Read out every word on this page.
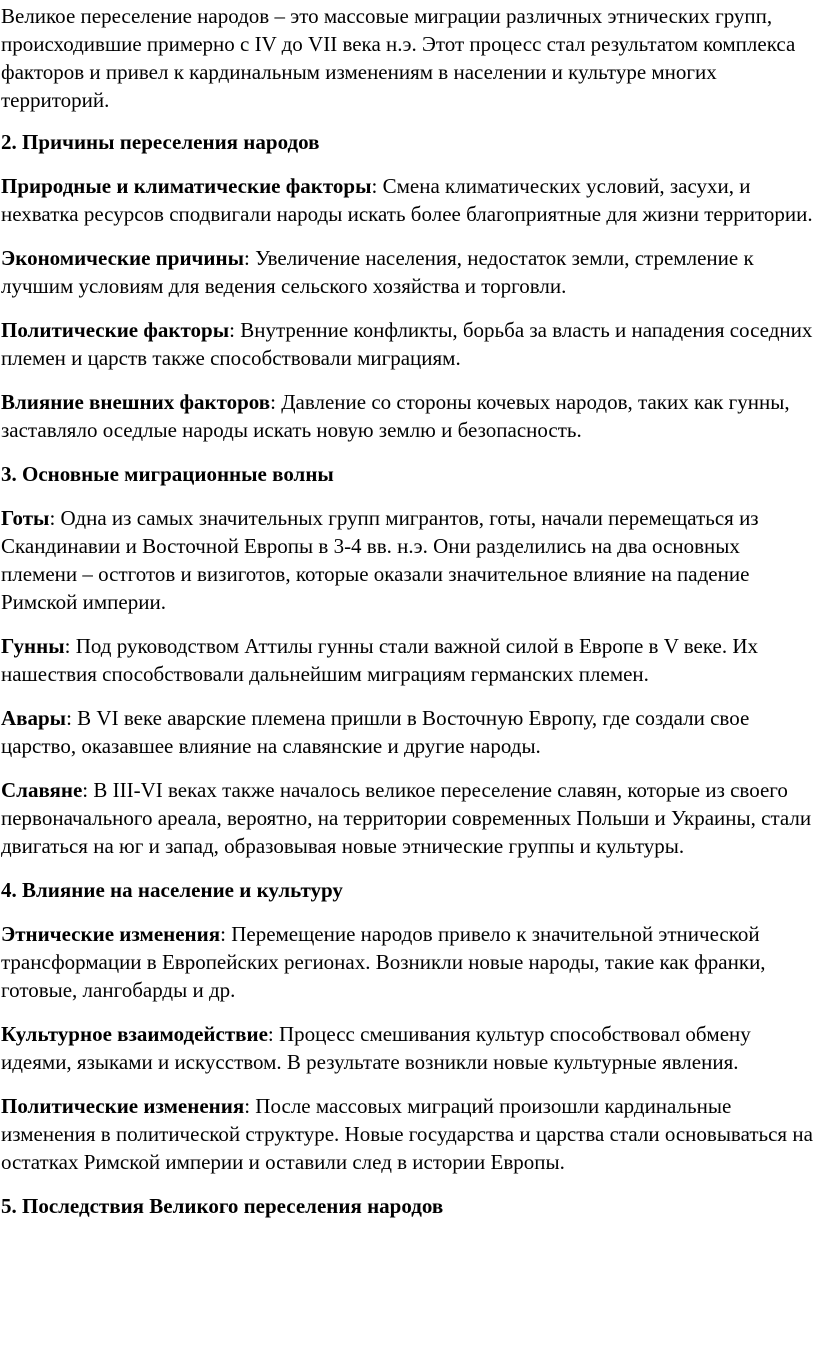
Великое переселение народов – это массовые миграции различных этнических групп, происходившие примерно с IV до VII века н.э. Этот процесс стал результатом комплекса факторов и привел к кардинальным изменениям в населении и культуре многих территорий.

2. Причины переселения народов

Природные и климатические факторы: Смена климатических условий, засухи, и нехватка ресурсов сподвигали народы искать более благоприятные для жизни территории.

Экономические причины: Увеличение населения, недостаток земли, стремление к лучшим условиям для ведения сельского хозяйства и торговли.

Политические факторы: Внутренние конфликты, борьба за власть и нападения соседних племен и царств также способствовали миграциям.

Влияние внешних факторов: Давление со стороны кочевых народов, таких как гунны, заставляло оседлые народы искать новую землю и безопасность.

3. Основные миграционные волны

Готы: Одна из самых значительных групп мигрантов, готы, начали перемещаться из Скандинавии и Восточной Европы в 3-4 вв. н.э. Они разделились на два основных племени – остготов и визиготов, которые оказали значительное влияние на падение Римской империи.

Гунны: Под руководством Аттилы гунны стали важной силой в Европе в V веке. Их нашествия способствовали дальнейшим миграциям германских племен.

Авары: В VI веке аварские племена пришли в Восточную Европу, где создали свое царство, оказавшее влияние на славянские и другие народы.

Славяне: В III-VI веках также началось великое переселение славян, которые из своего первоначального ареала, вероятно, на территории современных Польши и Украины, стали двигаться на юг и запад, образовывая новые этнические группы и культуры.

4. Влияние на население и культуру

Этнические изменения: Перемещение народов привело к значительной этнической трансформации в Европейских регионах. Возникли новые народы, такие как франки, готовые, лангобарды и др.

Культурное взаимодействие: Процесс смешивания культур способствовал обмену идеями, языками и искусством. В результате возникли новые культурные явления.

Политические изменения: После массовых миграций произошли кардинальные изменения в политической структуре. Новые государства и царства стали основываться на остатках Римской империи и оставили след в истории Европы.

5. Последствия Великого переселения народов
